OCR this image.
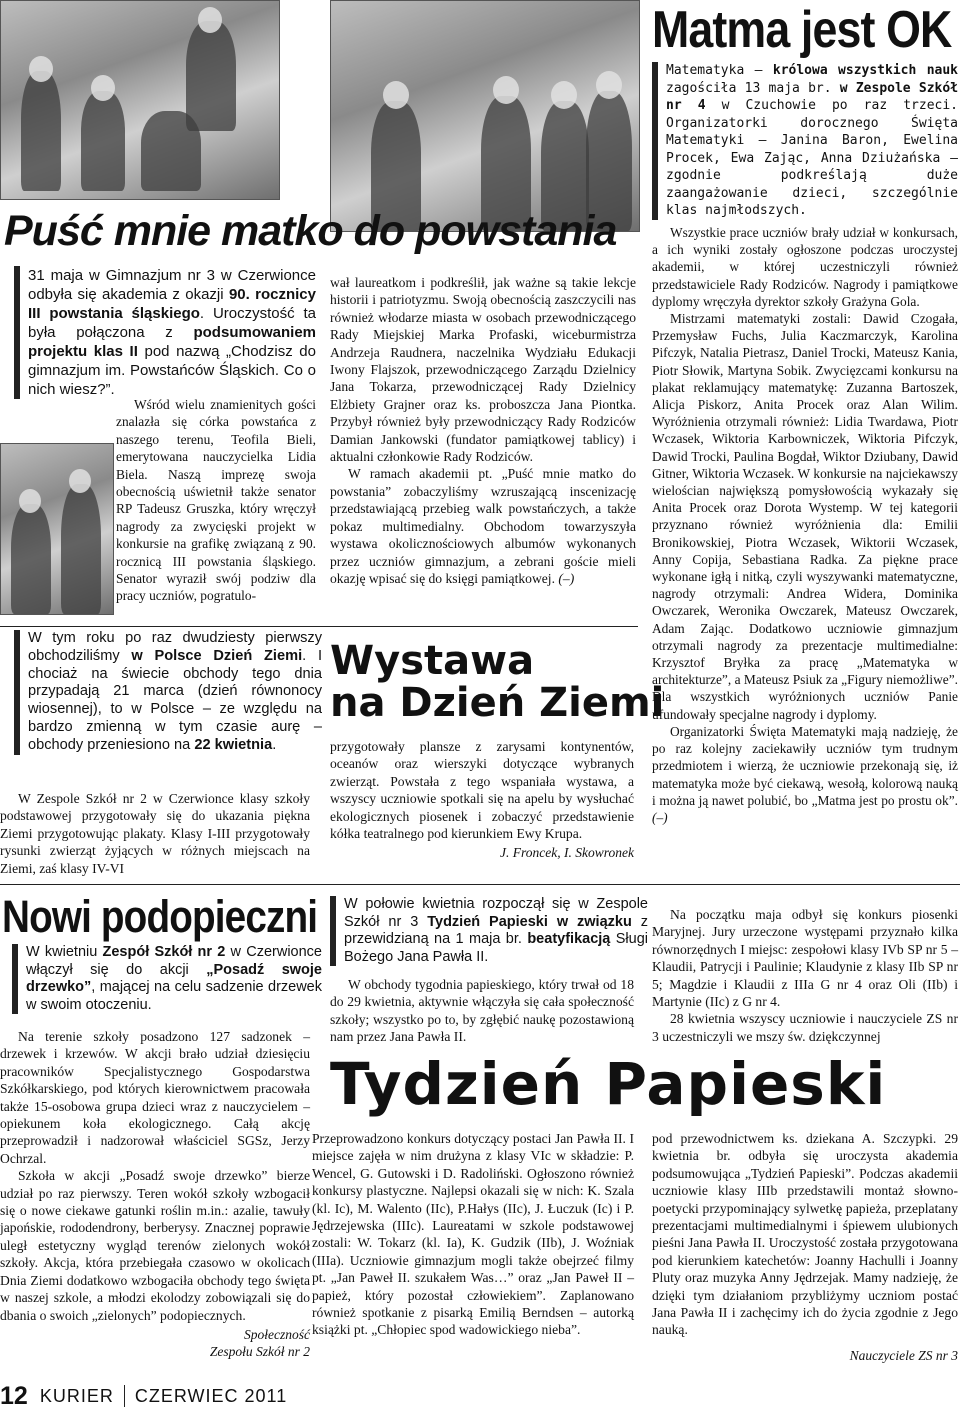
Matma jest OK
Matematyka – królowa wszystkich nauk zagościła 13 maja br. w Zespole Szkół nr 4 w Czuchowie po raz trzeci. Organizatorki dorocznego Święta Matematyki – Janina Baron, Ewelina Procek, Ewa Zając, Anna Dziużańska – zgodnie podkreślają duże zaangażowanie dzieci, szczególnie klas najmłodszych.

Wszystkie prace uczniów brały udział w konkursach, a ich wyniki zostały ogłoszone podczas uroczystej akademii, w której uczestniczyli również przedstawiciele Rady Rodziców. Nagrody i pamiątkowe dyplomy wręczyła dyrektor szkoły Grażyna Gola.

Mistrzami matematyki zostali: Dawid Czogała, Przemysław Fuchs, Julia Kaczmarczyk, Karolina Pifczyk, Natalia Pietrasz, Daniel Trocki, Mateusz Kania, Piotr Słowik, Martyna Sobik. Zwycięzcami konkursu na plakat reklamujący matematykę: Zuzanna Bartoszek, Alicja Piskorz, Anita Procek oraz Alan Wilim. Wyróżnienia otrzymali również: Lidia Twardawa, Piotr Wczasek, Wiktoria Karbowniczek, Wiktoria Pifczyk, Dawid Trocki, Paulina Bogdał, Wiktor Dziubany, Dawid Gitner, Wiktoria Wczasek. W konkursie na najciekawszy wielościan największą pomysłowością wykazały się Anita Procek oraz Dorota Wystemp. W tej kategorii przyznano również wyróżnienia dla: Emilii Bronikowskiej, Piotra Wczasek, Wiktorii Wczasek, Anny Copija, Sebastiana Radka. Za piękne prace wykonane igłą i nitką, czyli wyszywanki matematyczne, nagrody otrzymali: Andrea Widera, Dominika Owczarek, Weronika Owczarek, Mateusz Owczarek, Adam Zając. Dodatkowo uczniowie gimnazjum otrzymali nagrody za prezentacje multimedialne: Krzysztof Bryłka za pracę „Matematyka w architekturze”, a Mateusz Psiuk za „Figury niemożliwe”. Dla wszystkich wyróżnionych uczniów Panie ufundowały specjalne nagrody i dyplomy.

Organizatorki Święta Matematyki mają nadzieję, że po raz kolejny zaciekawiły uczniów tym trudnym przedmiotem i wierzą, że uczniowie przekonają się, iż matematyka może być ciekawą, wesołą, kolorową nauką i można ją nawet polubić, bo „Matma jest po prostu ok”. (–)

Puść mnie matko do powstania
31 maja w Gimnazjum nr 3 w Czerwionce odbyła się akademia z okazji 90. rocznicy III powstania śląskiego. Uroczystość ta była połączona z podsumowaniem projektu klas II pod nazwą „Chodzisz do gimnazjum im. Powstańców Śląskich. Co o nich wiesz?”.

Wśród wielu znamienitych gości znalazła się córka powstańca z naszego terenu, Teofila Bieli, emerytowana nauczycielka Lidia Biela. Naszą imprezę swoja obecnością uświetnił także senator RP Tadeusz Gruszka, który wręczył nagrody za zwycięski projekt w konkursie na grafikę związaną z 90. rocznicą III powstania śląskiego. Senator wyraził swój podziw dla pracy uczniów, pogratulo-

wał laureatkom i podkreślił, jak ważne są takie lekcje historii i patriotyzmu. Swoją obecnością zaszczycili nas również włodarze miasta w osobach przewodniczącego Rady Miejskiej Marka Profaski, wiceburmistrza Andrzeja Raudnera, naczelnika Wydziału Edukacji Iwony Flajszok, przewodniczącego Zarządu Dzielnicy Jana Tokarza, przewodniczącej Rady Dzielnicy Elżbiety Grajner oraz ks. proboszcza Jana Piontka. Przybył również były przewodniczący Rady Rodziców Damian Jankowski (fundator pamiątkowej tablicy) i aktualni członkowie Rady Rodziców.

W ramach akademii pt. „Puść mnie matko do powstania” zobaczyliśmy wzruszającą inscenizację przedstawiającą przebieg walk powstańczych, a także pokaz multimedialny. Obchodom towarzyszyła wystawa okolicznościowych albumów wykonanych przez uczniów gimnazjum, a zebrani goście mieli okazję wpisać się do księgi pamiątkowej. (–)

W tym roku po raz dwudziesty pierwszy obchodziliśmy w Polsce Dzień Ziemi. I chociaż na świecie obchody tego dnia przypadają 21 marca (dzień równonocy wiosennej), to w Polsce – ze względu na bardzo zmienną w tym czasie aurę – obchody przeniesiono na 22 kwietnia.

W Zespole Szkół nr 2 w Czerwionce klasy szkoły podstawowej przygotowały się do ukazania piękna Ziemi przygotowując plakaty. Klasy I-III przygotowały rysunki zwierząt żyjących w różnych miejscach na Ziemi, zaś klasy IV-VI

Wystawa
na Dzień Ziemi

przygotowały plansze z zarysami kontynentów, oceanów oraz wierszyki dotyczące wybranych zwierząt. Powstała z tego wspaniała wystawa, a wszyscy uczniowie spotkali się na apelu by wysłuchać ekologicznych piosenek i zobaczyć przedstawienie kółka teatralnego pod kierunkiem Ewy Krupa.

J. Froncek, I. Skowronek
Nowi podopieczni
W kwietniu Zespół Szkół nr 2 w Czerwionce włączył się do akcji „Posadź swoje drzewko”, mającej na celu sadzenie drzewek w swoim otoczeniu.

Na terenie szkoły posadzono 127 sadzonek – drzewek i krzewów. W akcji brało udział dziesięciu pracowników Specjalistycznego Gospodarstwa Szkółkarskiego, pod których kierownictwem pracowała także 15-osobowa grupa dzieci wraz z nauczycielem – opiekunem koła ekologicznego. Całą akcję przeprowadził i nadzorował właściciel SGSz, Jerzy Ochrzal.

Szkoła w akcji „Posadź swoje drzewko” bierze udział po raz pierwszy. Teren wokół szkoły wzbogacił się o nowe ciekawe gatunki roślin m.in.: azalie, tawuły japońskie, rododendrony, berberysy. Znacznej poprawie uległ estetyczny wygląd terenów zielonych wokół szkoły. Akcja, która przebiegała czasowo w okolicach Dnia Ziemi dodatkowo wzbogaciła obchody tego święta w naszej szkole, a młodzi ekolodzy zobowiązali się do dbania o swoich „zielonych” podopiecznych.

Społeczność
Zespołu Szkół nr 2
W połowie kwietnia rozpoczął się w Zespole Szkół nr 3 Tydzień Papieski w związku z przewidzianą na 1 maja br. beatyfikacją Sługi Bożego Jana Pawła II.

W obchody tygodnia papieskiego, który trwał od 18 do 29 kwietnia, aktywnie włączyła się cała społeczność szkoły; wszystko po to, by zgłębić naukę pozostawioną nam przez Jana Pawła II.

Na początku maja odbył się konkurs piosenki Maryjnej. Jury urzeczone występami przyznało kilka równorzędnych I miejsc: zespołowi klasy IVb SP nr 5 – Klaudii, Patrycji i Paulinie; Klaudynie z klasy IIb SP nr 5; Magdzie i Klaudii z IIIa G nr 4 oraz Oli (IIb) i Martynie (IIc) z G nr 4.

28 kwietnia wszyscy uczniowie i nauczyciele ZS nr 3 uczestniczyli we mszy św. dziękczynnej

Tydzień Papieski

Przeprowadzono konkurs dotyczący postaci Jan Pawła II. I miejsce zajęła w nim drużyna z klasy VIc w składzie: P. Wencel, G. Gutowski i D. Radoliński. Ogłoszono również konkursy plastyczne. Najlepsi okazali się w nich: K. Szala (kl. Ic), M. Walento (IIc), P.Hałys (IIc), J. Łuczuk (Ic) i P. Jędrzejewska (IIIc). Laureatami w szkole podstawowej zostali: W. Tokarz (kl. Ia), K. Gudzik (IIb), J. Woźniak (IIIa). Uczniowie gimnazjum mogli także obejrzeć filmy pt. „Jan Paweł II. szukałem Was…” oraz „Jan Paweł II – papież, który pozostał człowiekiem”. Zaplanowano również spotkanie z pisarką Emilią Berndsen – autorką książki pt. „Chłopiec spod wadowickiego nieba”.

pod przewodnictwem ks. dziekana A. Szczypki. 29 kwietnia br. odbyła się uroczysta akademia podsumowująca „Tydzień Papieski”. Podczas akademii uczniowie klasy IIIb przedstawili montaż słowno-poetycki przypominający sylwetkę papieża, przeplatany prezentacjami multimedialnymi i śpiewem ulubionych pieśni Jana Pawła II. Uroczystość została przygotowana pod kierunkiem katechetów: Joanny Hachulli i Joanny Pluty oraz muzyka Anny Jędrzejak. Mamy nadzieję, że dzięki tym działaniom przybliżymy uczniom postać Jana Pawła II i zachęcimy ich do życia zgodnie z Jego nauką.

Nauczyciele ZS nr 3
12 KURIER CZERWIEC 2011
